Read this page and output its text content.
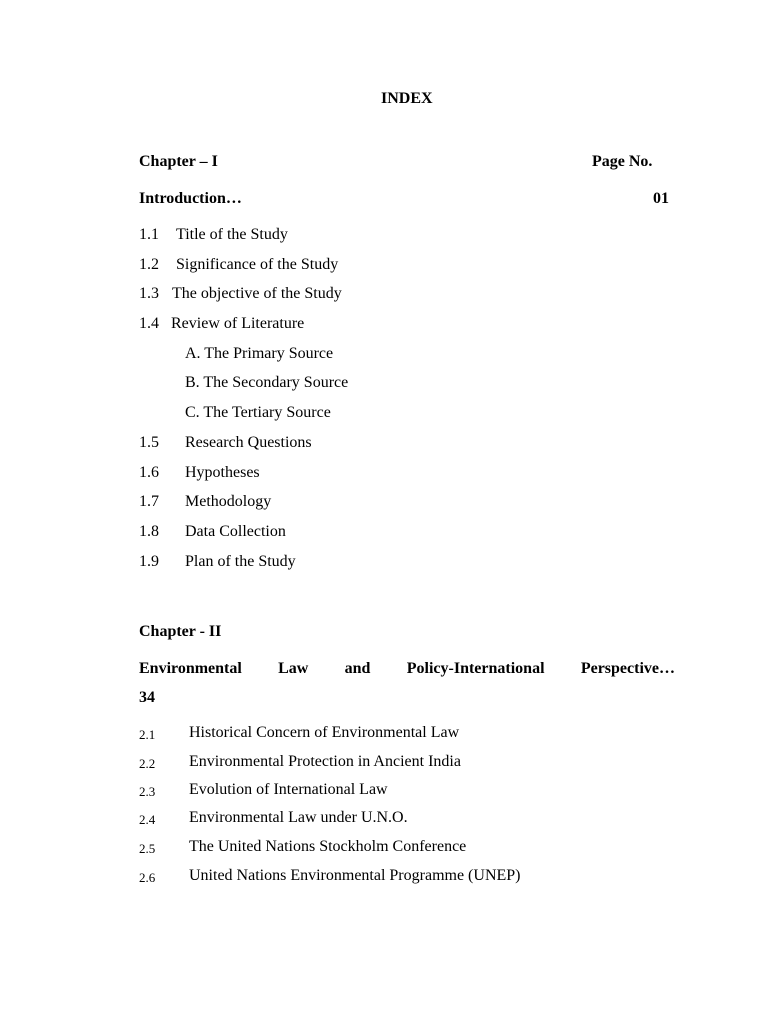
INDEX
Chapter – I	Page No.
Introduction…	01
1.1 Title of the Study
1.2 Significance of the Study
1.3 The objective of the Study
1.4 Review of Literature
A. The Primary Source
B. The Secondary Source
C. The Tertiary Source
1.5 Research Questions
1.6 Hypotheses
1.7 Methodology
1.8 Data Collection
1.9 Plan of the Study
Chapter - II
Environmental Law and Policy-International Perspective…
34
2.1 Historical Concern of Environmental Law
2.2 Environmental Protection in Ancient India
2.3 Evolution of International Law
2.4 Environmental Law under U.N.O.
2.5 The United Nations Stockholm Conference
2.6 United Nations Environmental Programme (UNEP)
